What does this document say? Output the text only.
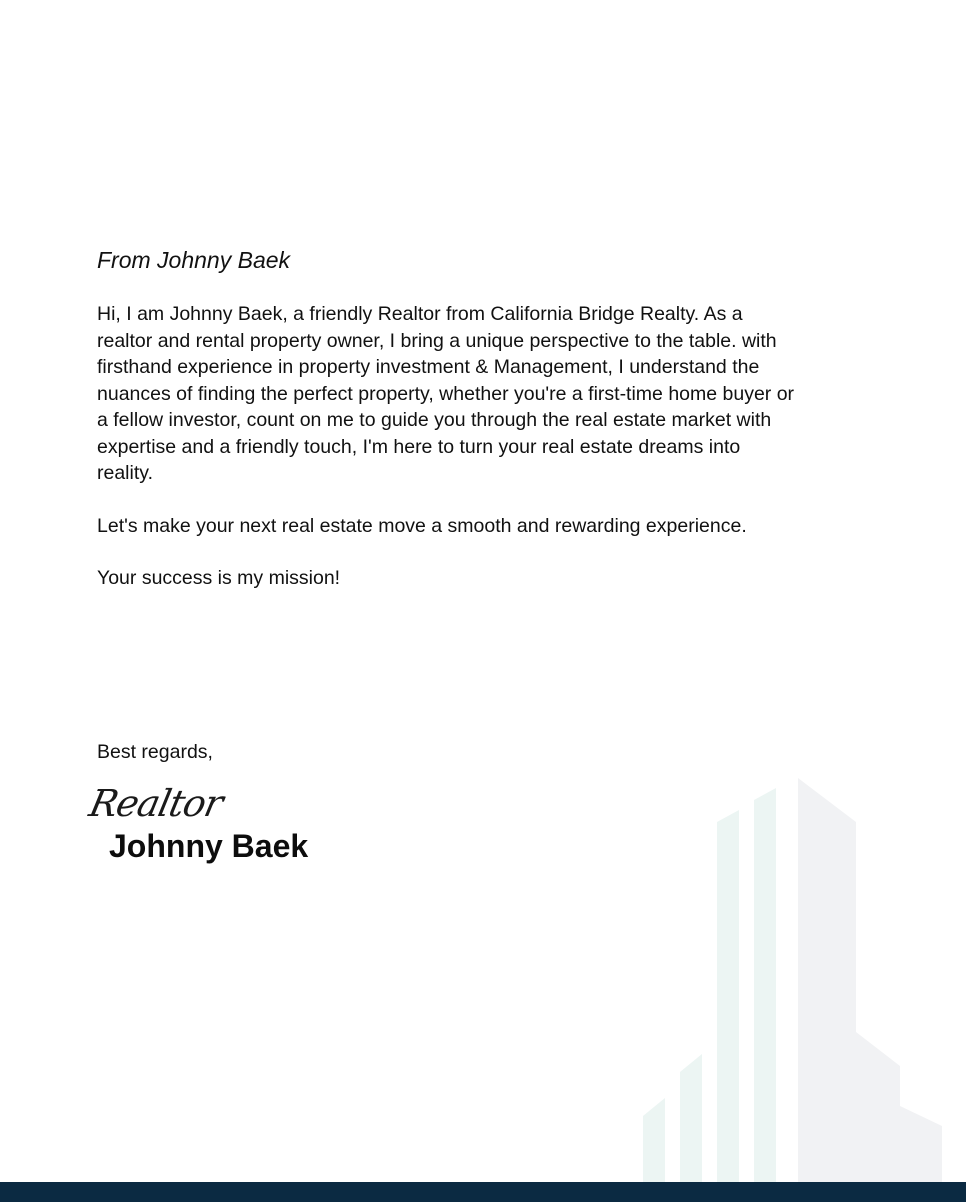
From Johnny Baek

Hi, I am Johnny Baek, a friendly Realtor from California Bridge Realty. As a realtor and rental property owner, I bring a unique perspective to the table. with firsthand experience in property investment & Management, I understand the nuances of finding the perfect property, whether you're a first-time home buyer or a fellow investor, count on me to guide you through the real estate market with expertise and a friendly touch, I'm here to turn your real estate dreams into reality.

Let's make your next real estate move a smooth and rewarding experience.

Your success is my mission!

Best regards,
Realtor
Johnny Baek
